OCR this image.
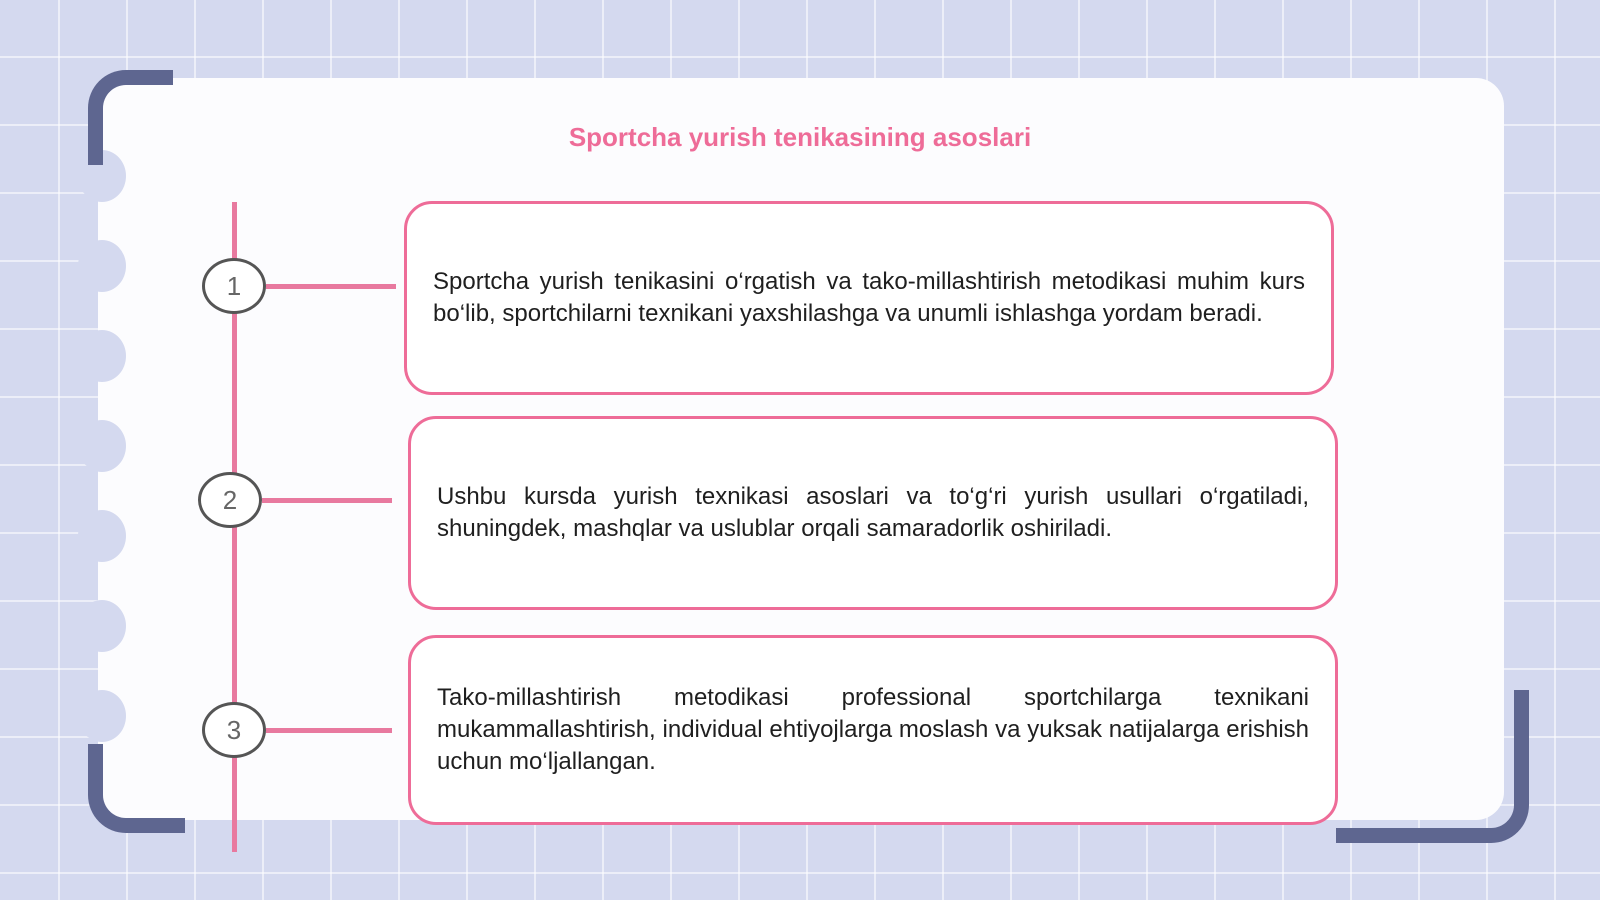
Sportcha yurish tenikasining asoslari
1	Sportcha yurish tenikasini o‘rgatish va tako-millashtirish metodikasi muhim kurs bo‘lib, sportchilarni texnikani yaxshilashga va unumli ishlashga yordam beradi.
2	Ushbu kursda yurish texnikasi asoslari va to‘g‘ri yurish usullari o‘rgatiladi, shuningdek, mashqlar va uslublar orqali samaradorlik oshiriladi.
3
Tako-millashtirish metodikasi professional sportchilarga texnikani mukammallashtirish, individual ehtiyojlarga moslash va yuksak natijalarga erishish uchun mo‘ljallangan.
